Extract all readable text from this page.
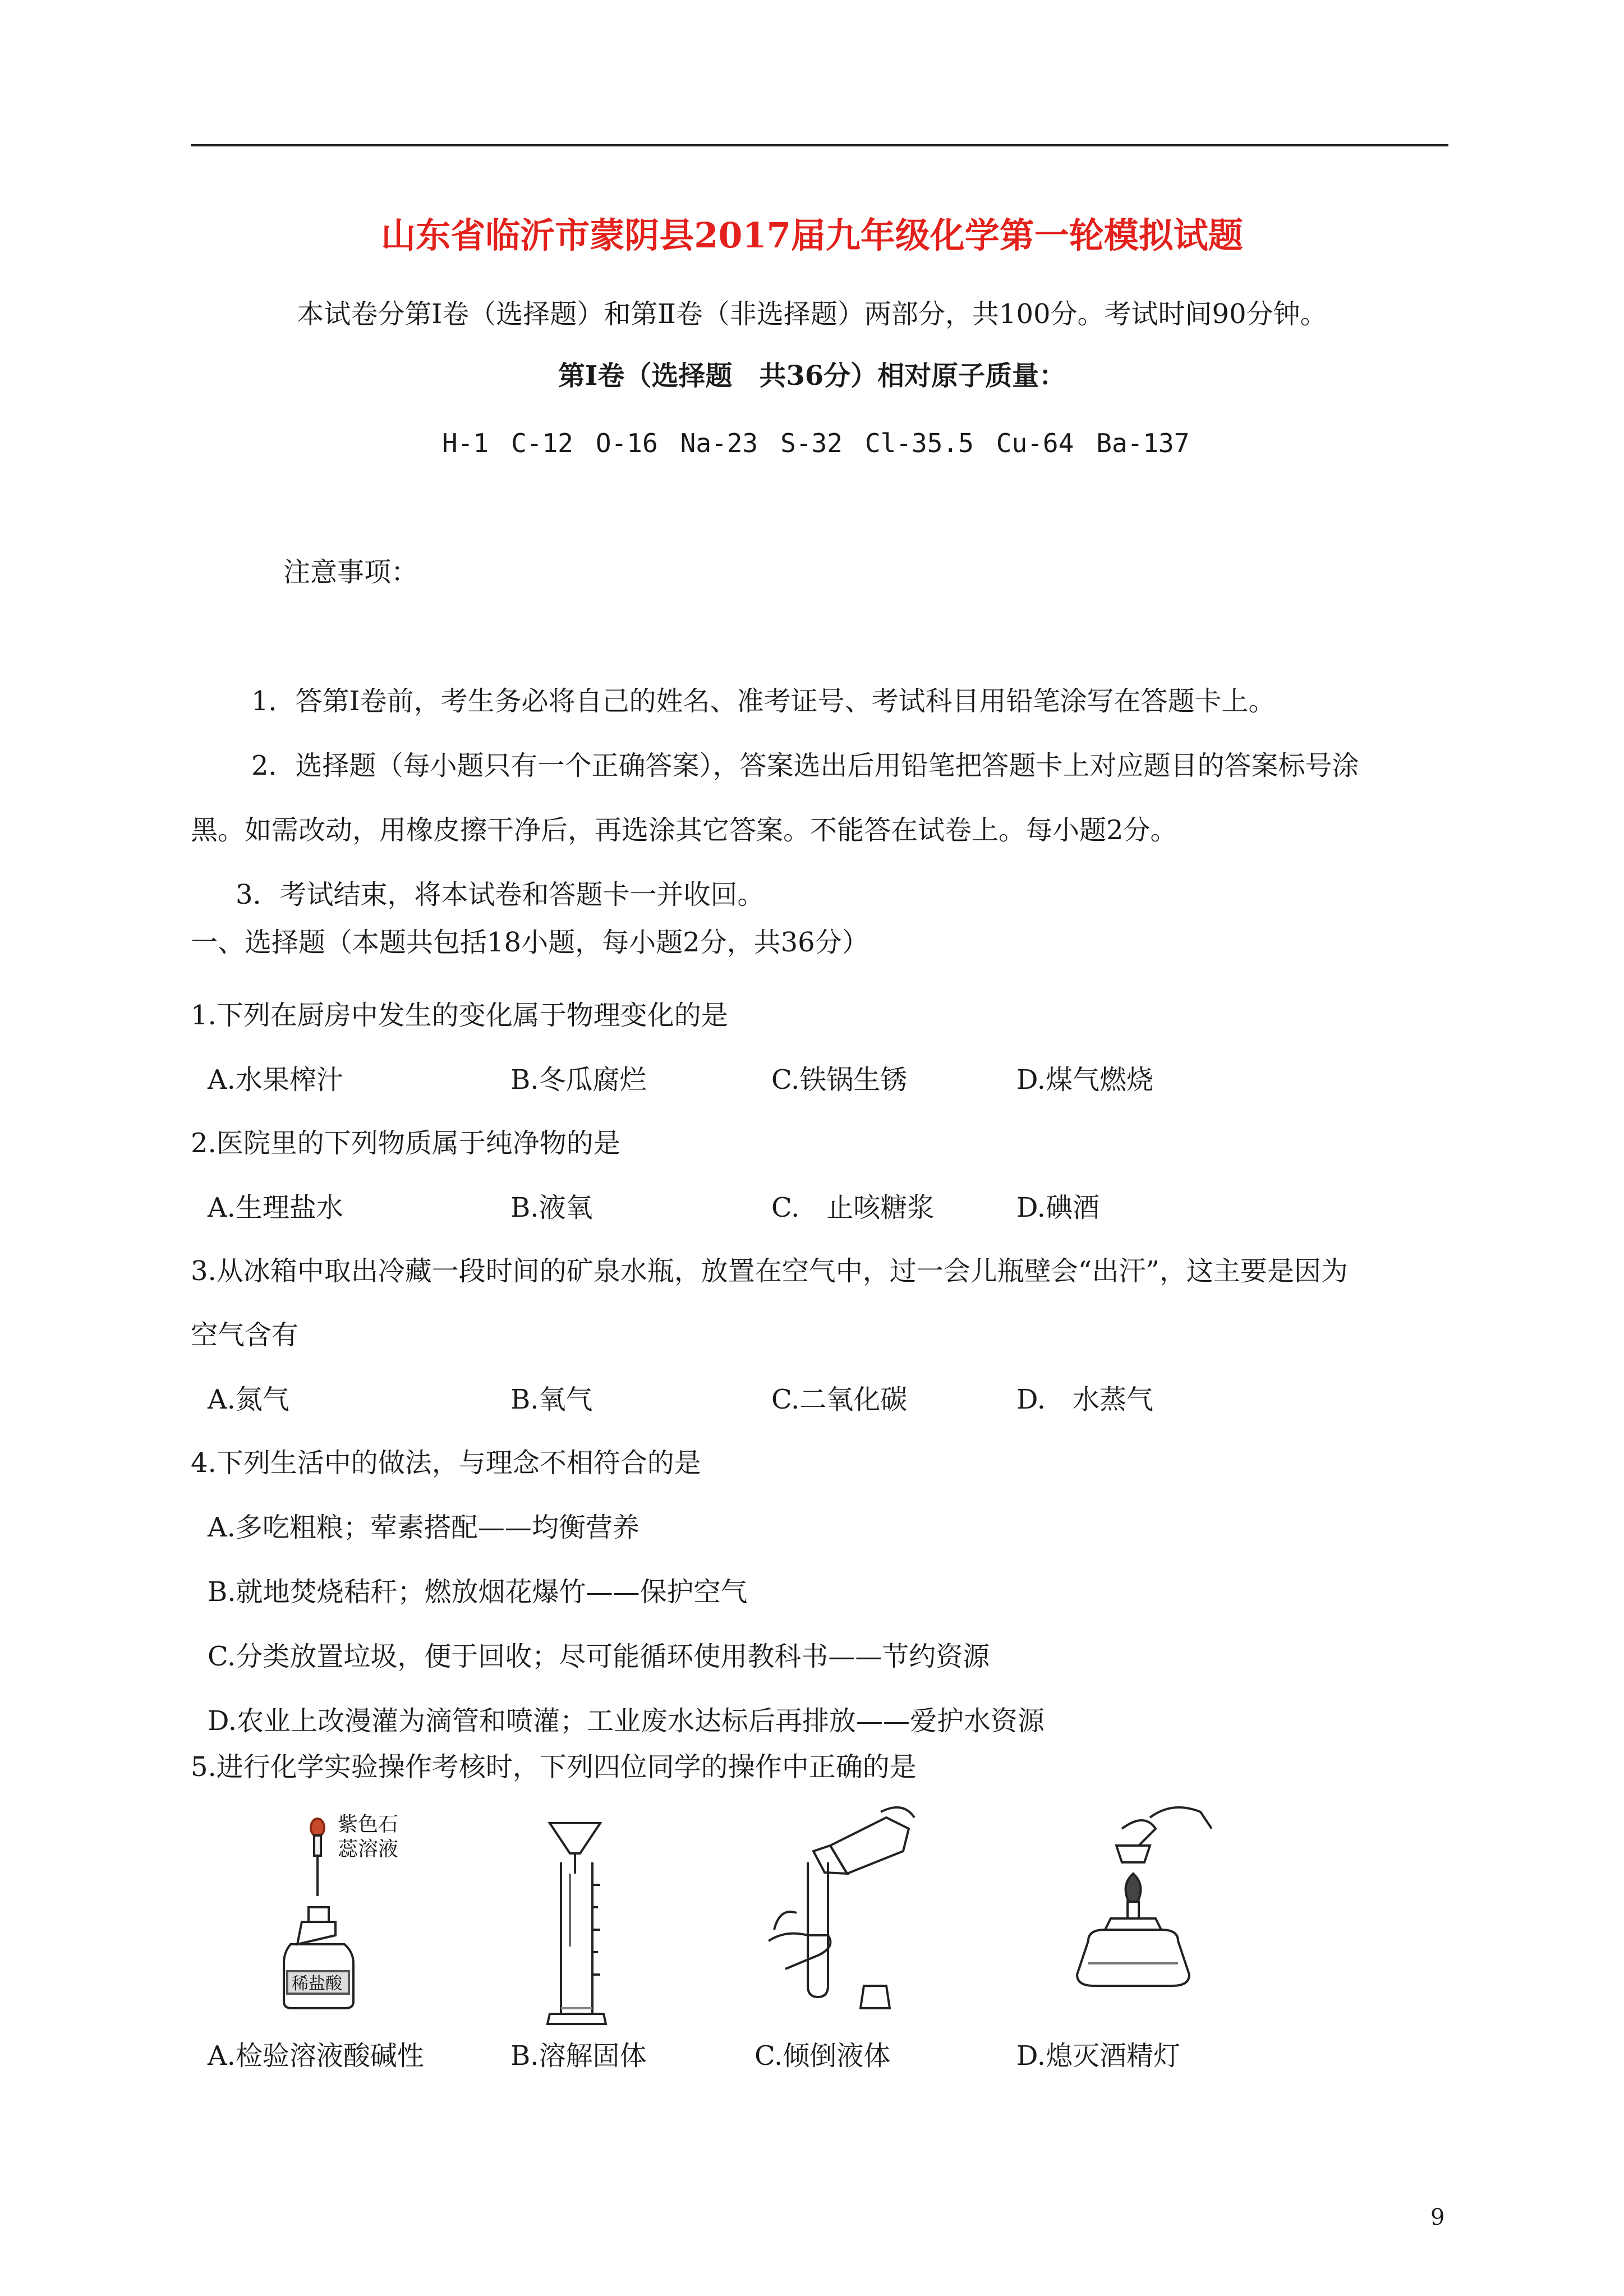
山东省临沂市蒙阴县2017届九年级化学第一轮模拟试题
本试卷分第Ⅰ卷（选择题）和第Ⅱ卷（非选择题）两部分，共100分。考试时间90分钟。
第Ⅰ卷（选择题　共36分）相对原子质量：
H-1 C-12 O-16 Na-23 S-32 Cl-35.5 Cu-64 Ba-137
注意事项：
1．答第Ⅰ卷前，考生务必将自己的姓名、准考证号、考试科目用铅笔涂写在答题卡上。
2．选择题（每小题只有一个正确答案），答案选出后用铅笔把答题卡上对应题目的答案标号涂
黑。如需改动，用橡皮擦干净后，再选涂其它答案。不能答在试卷上。每小题2分。
3．考试结束，将本试卷和答题卡一并收回。
一、选择题（本题共包括18小题，每小题2分，共36分）
1.下列在厨房中发生的变化属于物理变化的是
A.水果榨汁	B.冬瓜腐烂	C.铁锅生锈	D.煤气燃烧
2.医院里的下列物质属于纯净物的是
A.生理盐水	B.液氧	C.　止咳糖浆	D.碘酒
3.从冰箱中取出冷藏一段时间的矿泉水瓶，放置在空气中，过一会儿瓶壁会“出汗”，这主要是因为
空气含有
A.氮气	B.氧气	C.二氧化碳	D.　水蒸气
4.下列生活中的做法，与理念不相符合的是
A.多吃粗粮；荤素搭配——均衡营养
B.就地焚烧秸秆；燃放烟花爆竹——保护空气
C.分类放置垃圾，便于回收；尽可能循环使用教科书——节约资源
D.农业上改漫灌为滴管和喷灌；工业废水达标后再排放——爱护水资源
5.进行化学实验操作考核时，下列四位同学的操作中正确的是
紫色石
蕊溶液
稀盐酸
A.检验溶液酸碱性	B.溶解固体	C.倾倒液体	D.熄灭酒精灯
9
